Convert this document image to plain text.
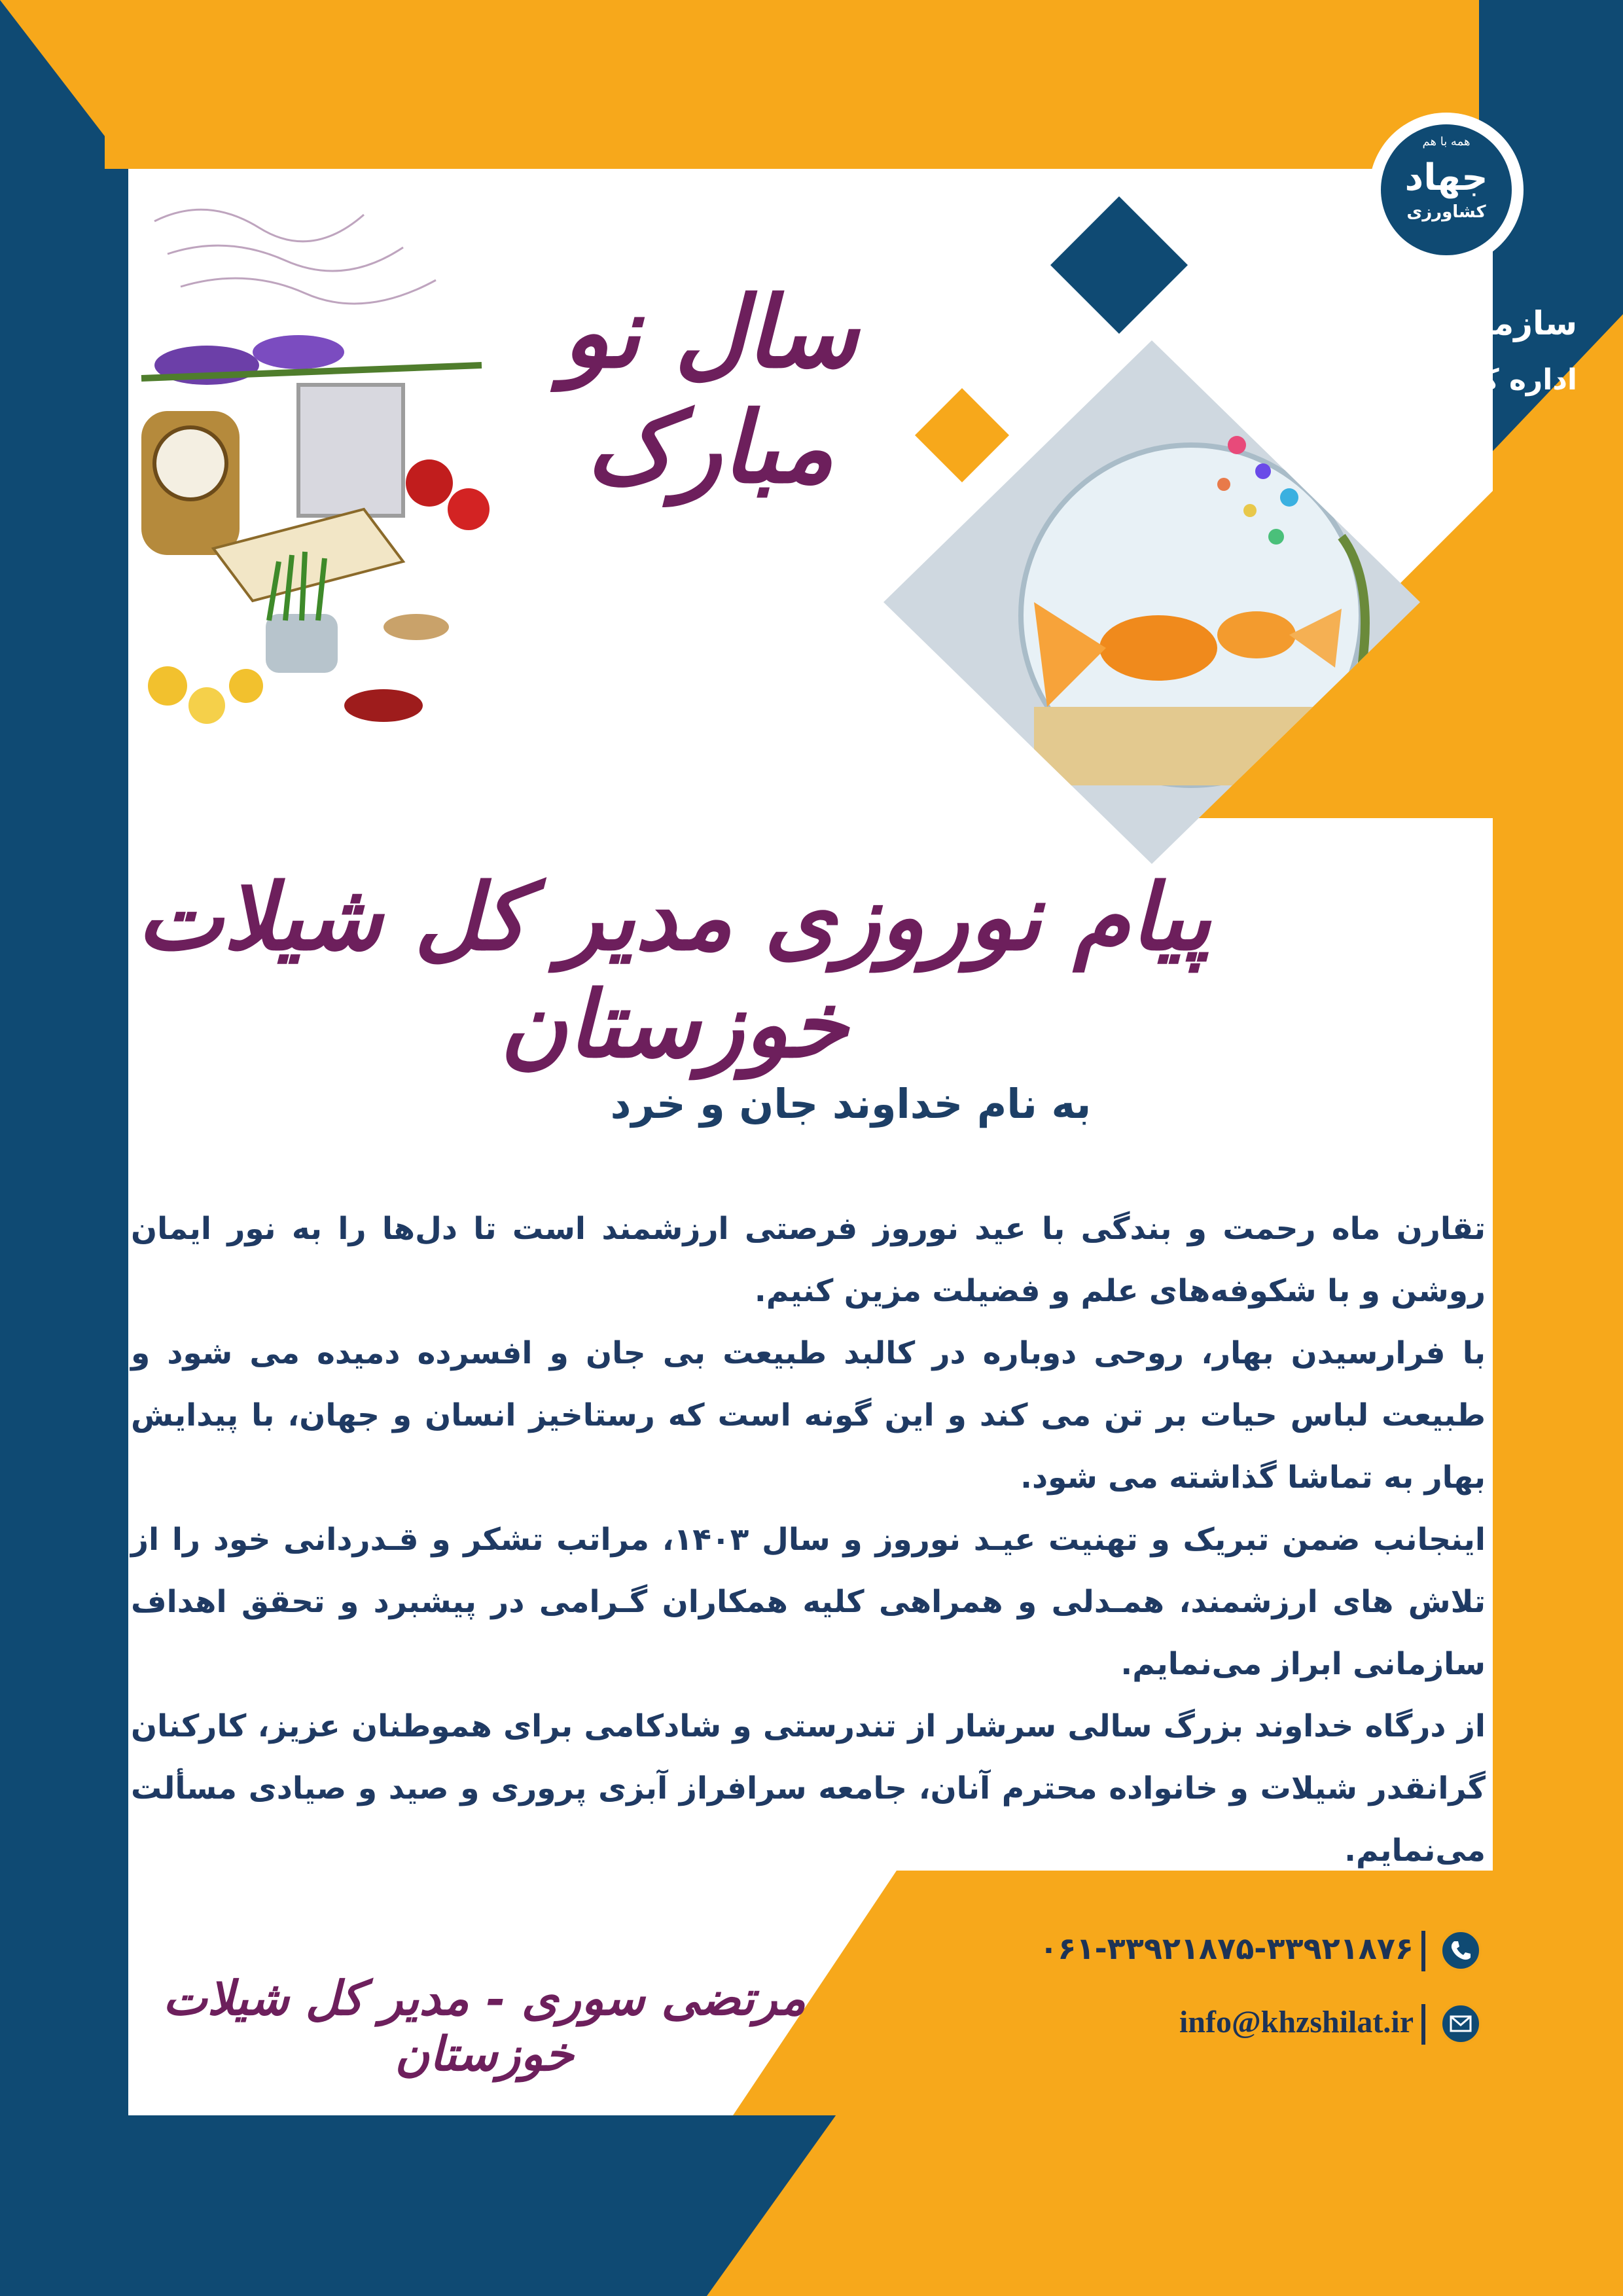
همه با هم
جهاد
کشاورزی
۱۳۷۰
سازمـان شیلات ایران
اداره کل شیلات خوزستان
سال نو مبارک
پیام نوروزی مدیر کل شیلات خوزستان
به نام خداوند جان و خرد

تقارن ماه رحمت و بندگی با عید نوروز فرصتی ارزشمند است تا دل‌ها را به نور ایمان روشن و با شکوفه‌های علم و فضیلت مزین کنیم.

با فرارسیدن بهار، روحی دوباره در کالبد طبیعت بی جان و افسرده دمیده می شود و طبیعت لباس حیات بر تن می کند و این گونه است که رستاخیز انسان و جهان، با پیدایش بهار به تماشا گذاشته می شود.

اینجانب ضمن تبریک و تهنیت عیـد نوروز و سال ۱۴۰۳، مراتب تشکر و قـدردانی خود را از تلاش های ارزشمند، همـدلی و همراهی کلیه همکاران گـرامی در پیشبرد و تحقق اهداف سازمانی ابراز می‌نمایم.

از درگاه خداوند بزرگ سالی سرشار از تندرستی و شادکامی برای هموطنان عزیز، کارکنان گرانقدر شیلات و خانواده محترم آنان، جامعه سرافراز آبزی پروری و صید و صیادی مسألت می‌نمایم.

مرتضی سوری - مدیر کل شیلات خوزستان
۰۶۱-۳۳۹۲۱۸۷۵-۳۳۹۲۱۸۷۶
info@khzshilat.ir
